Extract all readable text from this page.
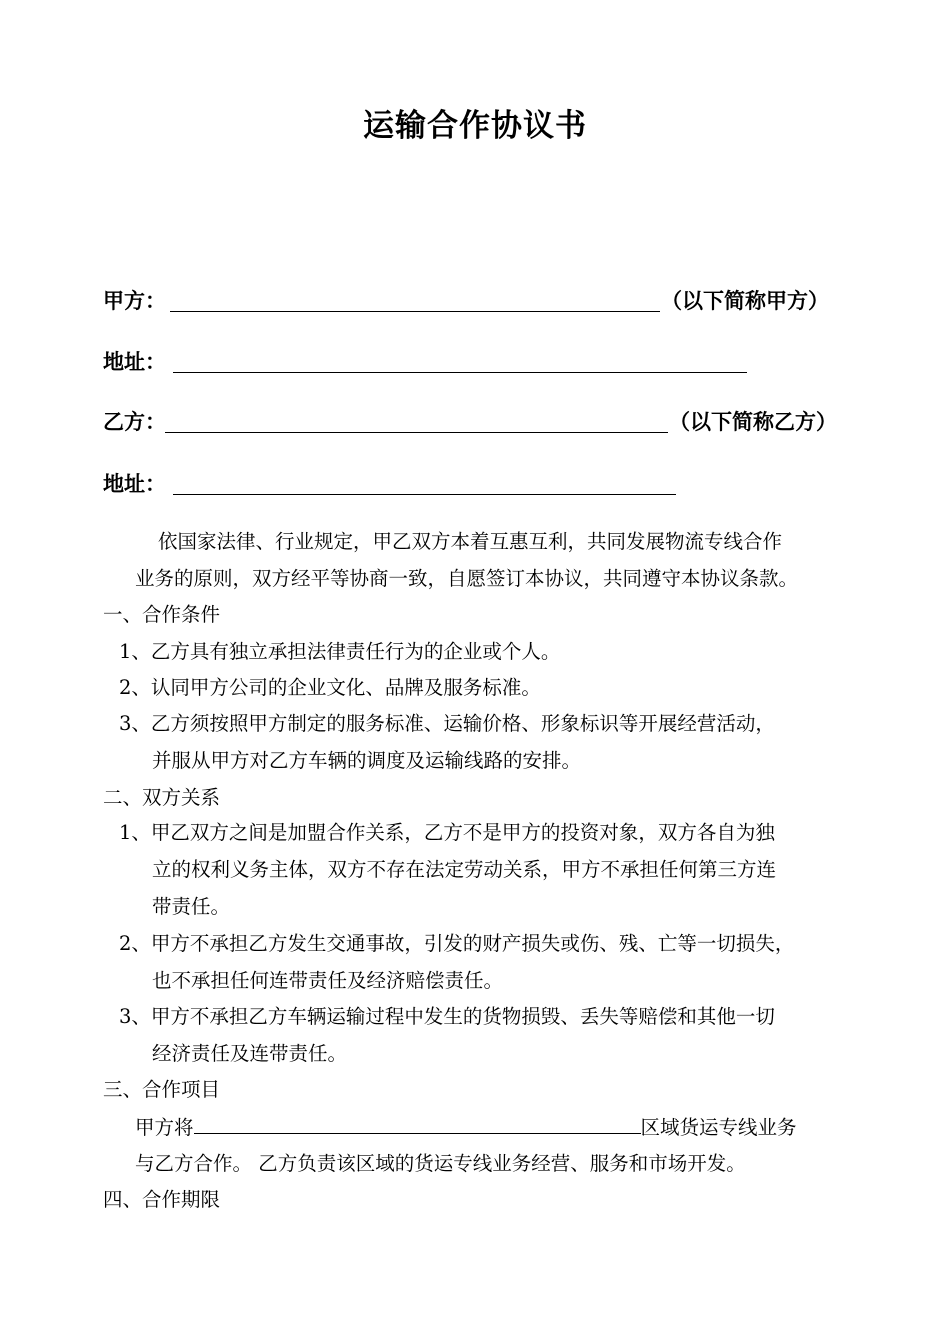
运输合作协议书
甲方：	（以下简称甲方）
地址：
乙方：	（以下简称乙方）
地址：
依国家法律、行业规定，甲乙双方本着互惠互利，共同发展物流专线合作
业务的原则，双方经平等协商一致，自愿签订本协议，共同遵守本协议条款。
一、合作条件
1、乙方具有独立承担法律责任行为的企业或个人。
2、认同甲方公司的企业文化、品牌及服务标准。
3、乙方须按照甲方制定的服务标准、运输价格、形象标识等开展经营活动，
并服从甲方对乙方车辆的调度及运输线路的安排。
二、双方关系
1、甲乙双方之间是加盟合作关系，乙方不是甲方的投资对象，双方各自为独
立的权利义务主体，双方不存在法定劳动关系，甲方不承担任何第三方连
带责任。
2、甲方不承担乙方发生交通事故，引发的财产损失或伤、残、亡等一切损失，
也不承担任何连带责任及经济赔偿责任。
3、甲方不承担乙方车辆运输过程中发生的货物损毁、丢失等赔偿和其他一切
经济责任及连带责任。
三、合作项目
甲方将	区域货运专线业务
与乙方合作。 乙方负责该区域的货运专线业务经营、服务和市场开发。
四、合作期限
